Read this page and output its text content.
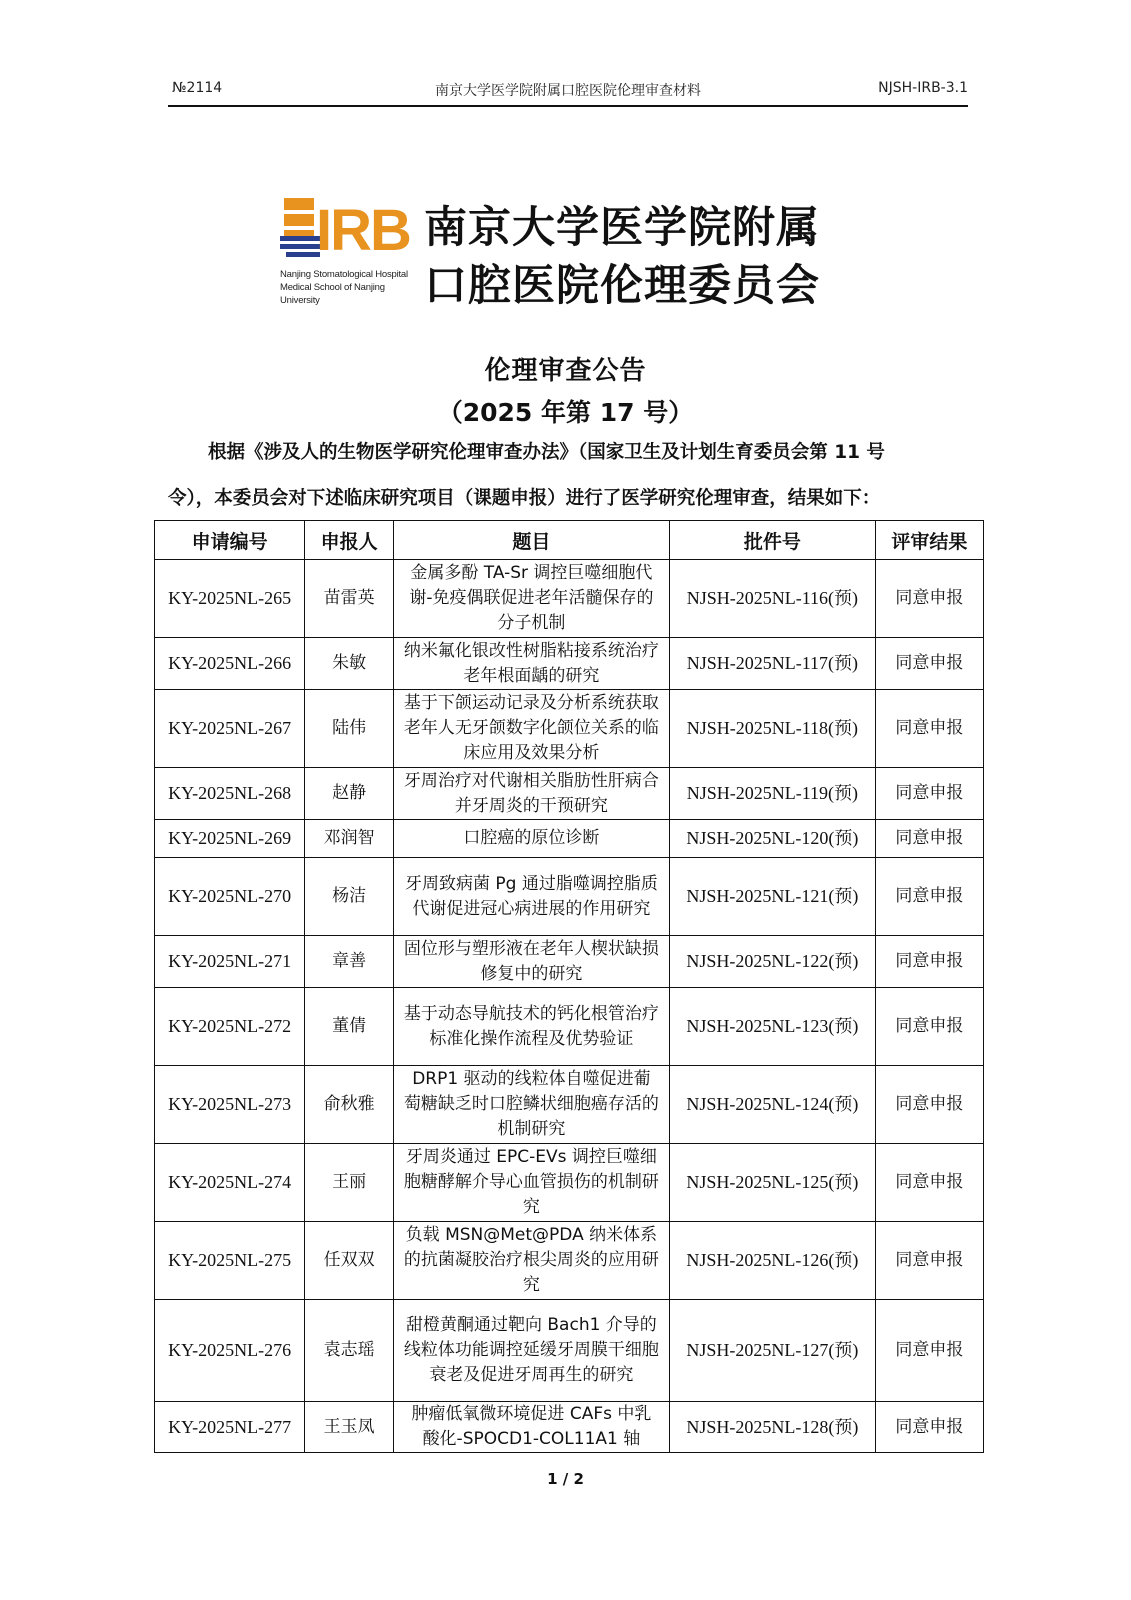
№2114	南京大学医学院附属口腔医院伦理审查材料	NJSH-IRB-3.1
IRB
Nanjing Stomatological Hospital
Medical School of Nanjing University
南京大学医学院附属
口腔医院伦理委员会
伦理审查公告
（2025 年第 17 号）

根据《涉及人的生物医学研究伦理审查办法》（国家卫生及计划生育委员会第 11 号

令），本委员会对下述临床研究项目（课题申报）进行了医学研究伦理审查，结果如下：

申请编号	申报人	题目	批件号	评审结果
KY-2025NL-265	苗雷英	金属多酚 TA-Sr 调控巨噬细胞代谢-免疫偶联促进老年活髓保存的分子机制	NJSH-2025NL-116(预)	同意申报
KY-2025NL-266	朱敏	纳米氟化银改性树脂粘接系统治疗老年根面龋的研究	NJSH-2025NL-117(预)	同意申报
KY-2025NL-267	陆伟	基于下颌运动记录及分析系统获取老年人无牙颌数字化颌位关系的临床应用及效果分析	NJSH-2025NL-118(预)	同意申报
KY-2025NL-268	赵静	牙周治疗对代谢相关脂肪性肝病合并牙周炎的干预研究	NJSH-2025NL-119(预)	同意申报
KY-2025NL-269	邓润智	口腔癌的原位诊断	NJSH-2025NL-120(预)	同意申报
KY-2025NL-270	杨洁	牙周致病菌 Pg 通过脂噬调控脂质代谢促进冠心病进展的作用研究	NJSH-2025NL-121(预)	同意申报
KY-2025NL-271	章善	固位形与塑形液在老年人楔状缺损修复中的研究	NJSH-2025NL-122(预)	同意申报
KY-2025NL-272	董倩	基于动态导航技术的钙化根管治疗标准化操作流程及优势验证	NJSH-2025NL-123(预)	同意申报
KY-2025NL-273	俞秋雅	DRP1 驱动的线粒体自噬促进葡萄糖缺乏时口腔鳞状细胞癌存活的机制研究	NJSH-2025NL-124(预)	同意申报
KY-2025NL-274	王丽	牙周炎通过 EPC-EVs 调控巨噬细胞糖酵解介导心血管损伤的机制研究	NJSH-2025NL-125(预)	同意申报
KY-2025NL-275	任双双	负载 MSN@Met@PDA 纳米体系的抗菌凝胶治疗根尖周炎的应用研究	NJSH-2025NL-126(预)	同意申报
KY-2025NL-276	袁志瑶	甜橙黄酮通过靶向 Bach1 介导的线粒体功能调控延缓牙周膜干细胞衰老及促进牙周再生的研究	NJSH-2025NL-127(预)	同意申报
KY-2025NL-277	王玉凤	肿瘤低氧微环境促进 CAFs 中乳酸化-SPOCD1-COL11A1 轴	NJSH-2025NL-128(预)	同意申报
1 / 2
